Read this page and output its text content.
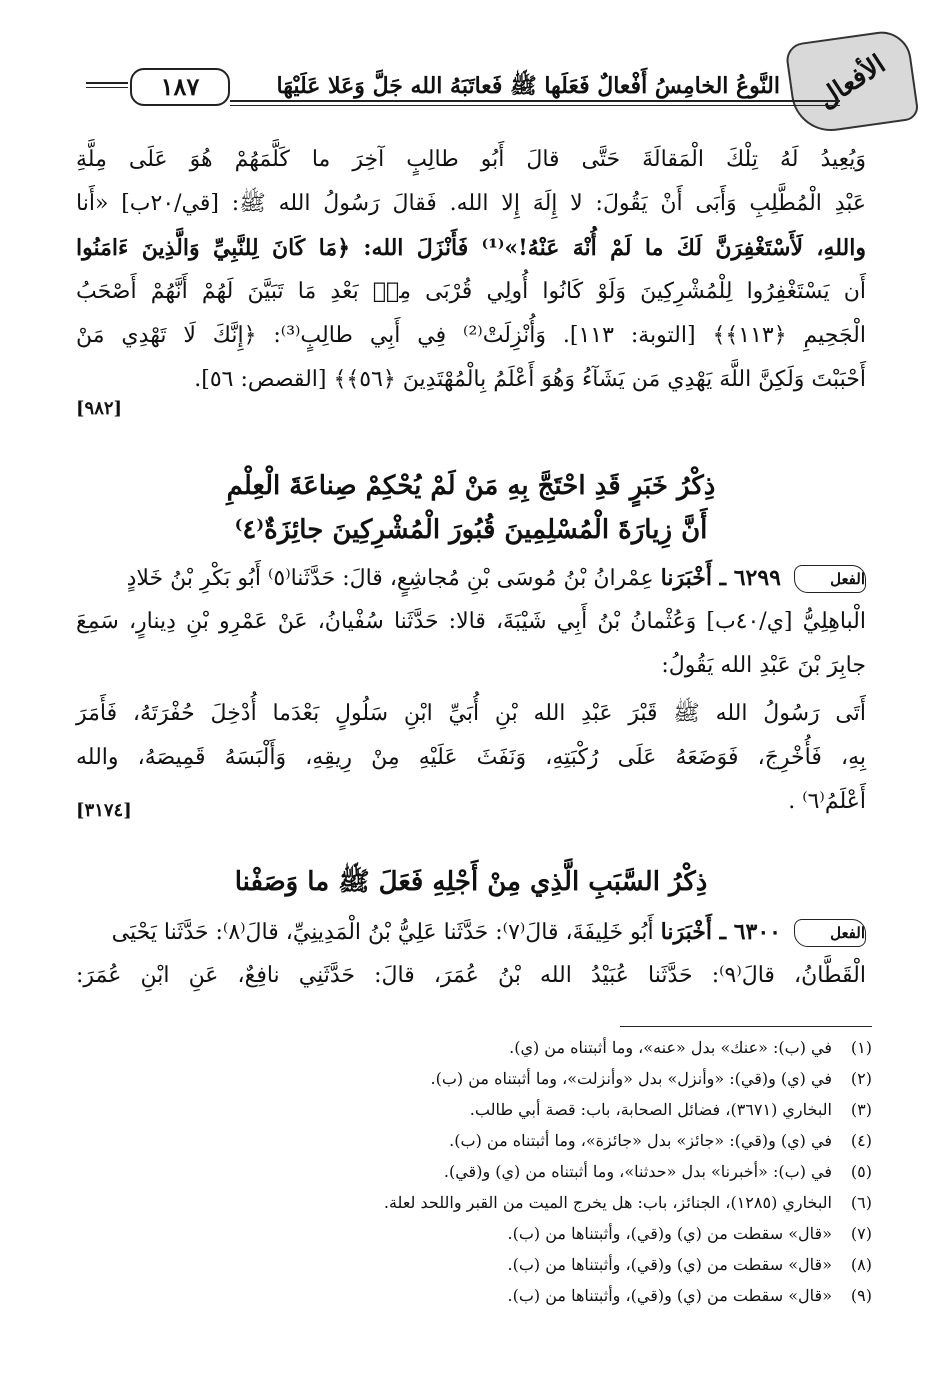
الأفعال
النَّوعُ الخامِسُ أَفْعالٌ فَعَلَها ﷺ فَعاتَبَهُ الله جَلَّ وَعَلا عَلَيْهَا
١٨٧
وَيُعِيدُ لَهُ تِلْكَ الْمَقالَةَ حَتَّى قالَ أَبُو طالِبٍ آخِرَ ما كَلَّمَهُمْ هُوَ عَلَى مِلَّةِ
عَبْدِ الْمُطَّلِبِ وَأَبَى أَنْ يَقُولَ: لا إِلَهَ إِلا الله. فَقالَ رَسُولُ الله ﷺ: [قي/٢٠ب] «أَنا
واللهِ، لَأَسْتَغْفِرَنَّ لَكَ ما لَمْ أُنْهَ عَنْهُ!»⁽¹⁾ فَأَنْزَلَ الله: ﴿مَا كَانَ لِلنَّبِيِّ وَالَّذِينَ ءَامَنُوا
أَن يَسْتَغْفِرُوا لِلْمُشْرِكِينَ وَلَوْ كَانُوا أُولِي قُرْبَى مِنۢ بَعْدِ مَا تَبَيَّنَ لَهُمْ أَنَّهُمْ أَصْحَبُ
الْجَحِيمِ ﴿١١٣﴾﴾ [التوبة: ١١٣]. وَأُنْزِلَتْ⁽²⁾ فِي أَبِي طالِبٍ⁽³⁾: ﴿إِنَّكَ لَا تَهْدِي مَنْ
أَحْبَبْتَ وَلَكِنَّ اللَّهَ يَهْدِي مَن يَشَآءُ وَهُوَ أَعْلَمُ بِالْمُهْتَدِينَ ﴿٥٦﴾﴾ [القصص: ٥٦].
[٩٨٢]
ذِكْرُ خَبَرٍ قَدِ احْتَجَّ بِهِ مَنْ لَمْ يُحْكِمْ صِناعَةَ الْعِلْمِ
أَنَّ زِيارَةَ الْمُسْلِمِينَ قُبُورَ الْمُشْرِكِينَ جائِزَةٌ⁽٤⁾
الفعل ٦٢٩٩ ـ أَخْبَرَنا عِمْرانُ بْنُ مُوسَى بْنِ مُجاشِعٍ، قالَ: حَدَّثَنا⁽٥⁾ أَبُو بَكْرِ بْنُ خَلادٍ
الْباهِلِيُّ [ي/٤٠ب] وَعُثْمانُ بْنُ أَبِي شَيْبَةَ، قالا: حَدَّثَنا سُفْيانُ، عَنْ عَمْرِو بْنِ دِينارٍ، سَمِعَ
جابِرَ بْنَ عَبْدِ الله يَقُولُ:
أَتَى رَسُولُ الله ﷺ قَبْرَ عَبْدِ الله بْنِ أُبَيِّ ابْنِ سَلُولٍ بَعْدَما أُدْخِلَ حُفْرَتَهُ، فَأَمَرَ
بِهِ، فَأُخْرِجَ، فَوَضَعَهُ عَلَى رُكْبَتِهِ، وَنَفَثَ عَلَيْهِ مِنْ رِيقِهِ، وَأَلْبَسَهُ قَمِيصَهُ، والله
أَعْلَمُ⁽٦⁾ .
[٣١٧٤]
ذِكْرُ السَّبَبِ الَّذِي مِنْ أَجْلِهِ فَعَلَ ﷺ ما وَصَفْنا
الفعل ٦٣٠٠ ـ أَخْبَرَنا أَبُو خَلِيفَةَ، قالَ⁽٧⁾: حَدَّثَنا عَلِيُّ بْنُ الْمَدِينِيِّ، قالَ⁽٨⁾: حَدَّثَنا يَحْيَى
الْقَطَّانُ، قالَ⁽٩⁾: حَدَّثَنا عُبَيْدُ الله بْنُ عُمَرَ، قالَ: حَدَّثَنِي نافِعٌ، عَنِ ابْنِ عُمَرَ:
(١)في (ب): «عنك» بدل «عنه»، وما أثبتناه من (ي).
(٢)في (ي) و(قي): «وأنزل» بدل «وأنزلت»، وما أثبتناه من (ب).
(٣)البخاري (٣٦٧١)، فضائل الصحابة، باب: قصة أبي طالب.
(٤)في (ي) و(قي): «جائز» بدل «جائزة»، وما أثبتناه من (ب).
(٥)في (ب): «أخبرنا» بدل «حدثنا»، وما أثبتناه من (ي) و(قي).
(٦)البخاري (١٢٨٥)، الجنائز، باب: هل يخرج الميت من القبر واللحد لعلة.
(٧)«قال» سقطت من (ي) و(قي)، وأثبتناها من (ب).
(٨)«قال» سقطت من (ي) و(قي)، وأثبتناها من (ب).
(٩)«قال» سقطت من (ي) و(قي)، وأثبتناها من (ب).
